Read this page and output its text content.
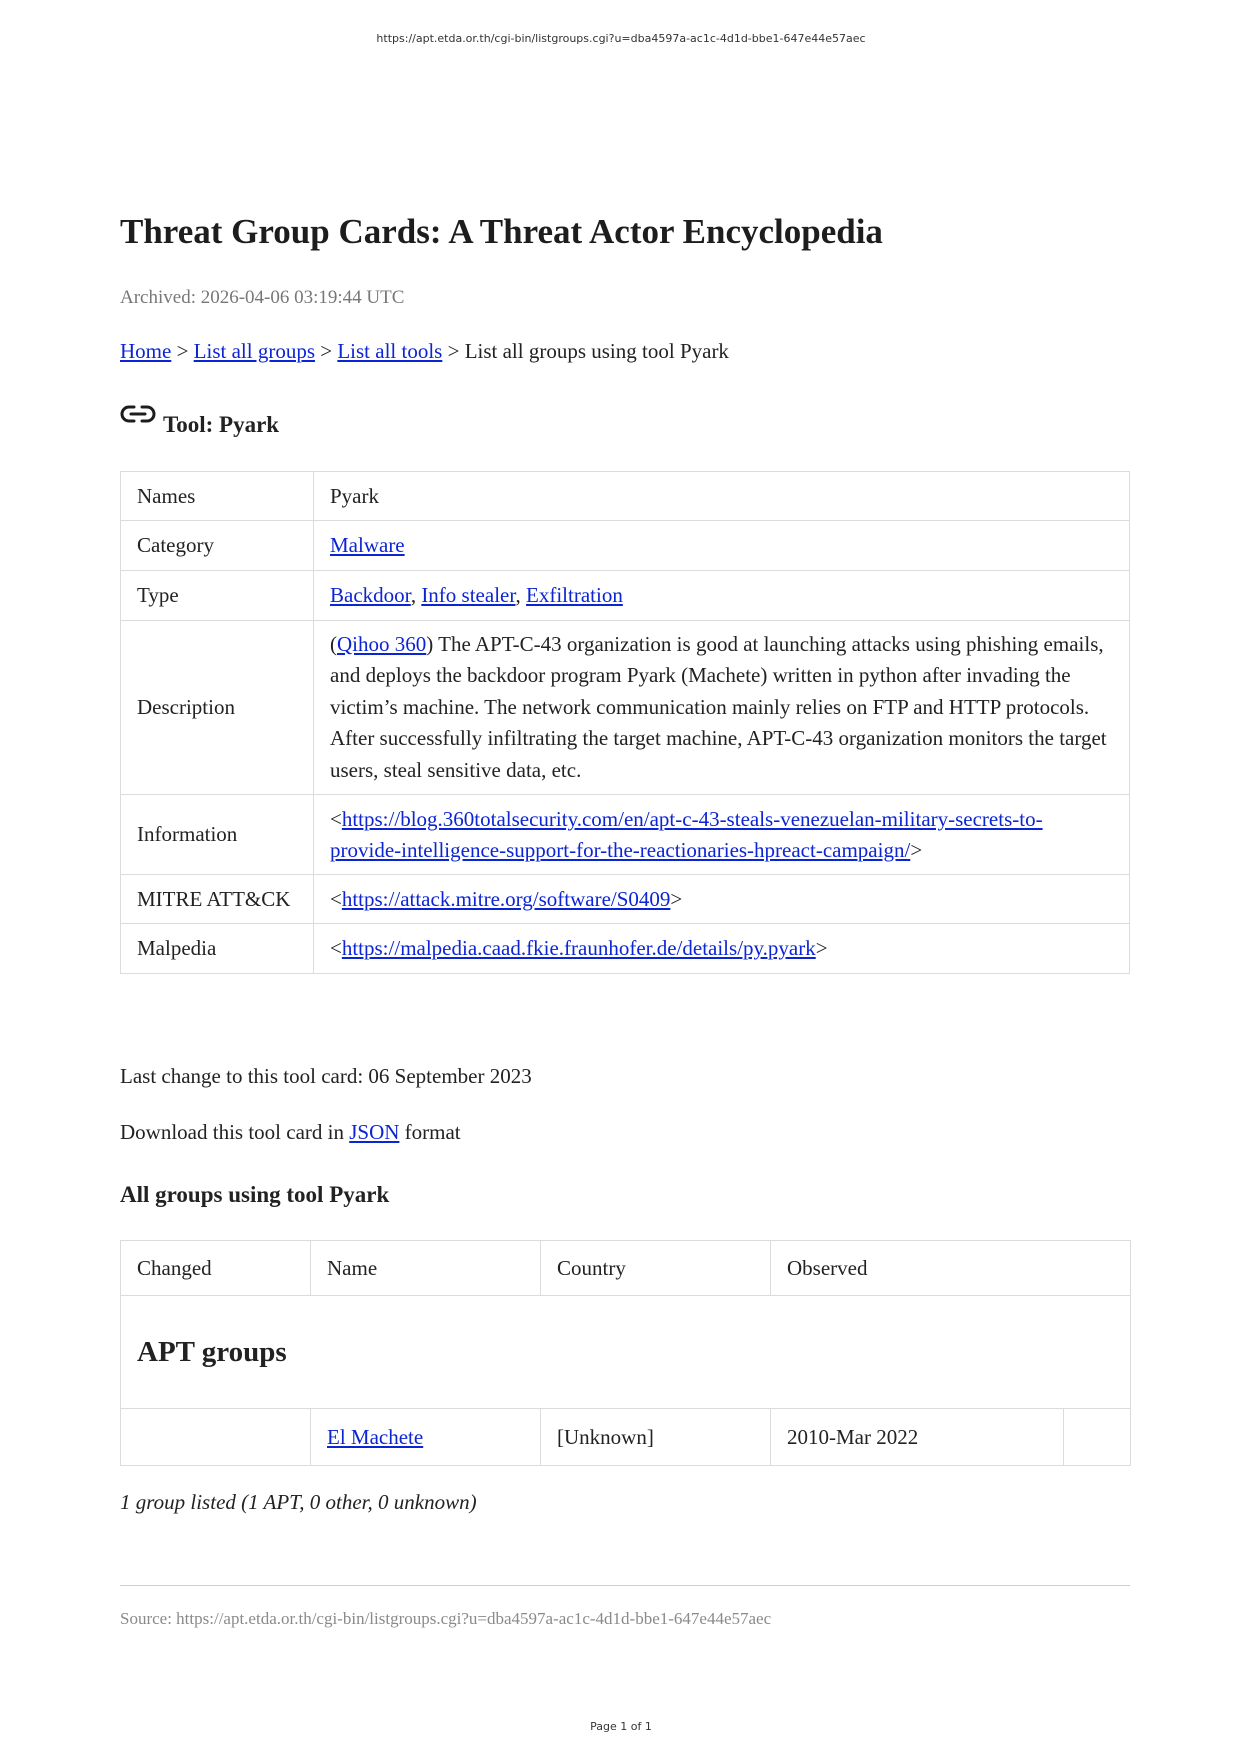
https://apt.etda.or.th/cgi-bin/listgroups.cgi?u=dba4597a-ac1c-4d1d-bbe1-647e44e57aec
Threat Group Cards: A Threat Actor Encyclopedia
Archived: 2026-04-06 03:19:44 UTC
Home > List all groups > List all tools > List all groups using tool Pyark
Tool: Pyark
Names	Pyark
Category	Malware
Type	Backdoor, Info stealer, Exfiltration
Description	(Qihoo 360) The APT-C-43 organization is good at launching attacks using phishing emails, and deploys the backdoor program Pyark (Machete) written in python after invading the victim’s machine. The network communication mainly relies on FTP and HTTP protocols. After successfully infiltrating the target machine, APT-C-43 organization monitors the target users, steal sensitive data, etc.
Information	<https://blog.360totalsecurity.com/en/apt-c-43-steals-venezuelan-military-secrets-to-
provide-intelligence-support-for-the-reactionaries-hpreact-campaign/>
MITRE ATT&CK	<https://attack.mitre.org/software/S0409>
Malpedia	<https://malpedia.caad.fkie.fraunhofer.de/details/py.pyark>
Last change to this tool card: 06 September 2023
Download this tool card in JSON format
All groups using tool Pyark
Changed	Name	Country	Observed	
APT groups				
	El Machete	[Unknown]	2010-Mar 2022	
1 group listed (1 APT, 0 other, 0 unknown)
Source: https://apt.etda.or.th/cgi-bin/listgroups.cgi?u=dba4597a-ac1c-4d1d-bbe1-647e44e57aec
Page 1 of 1
